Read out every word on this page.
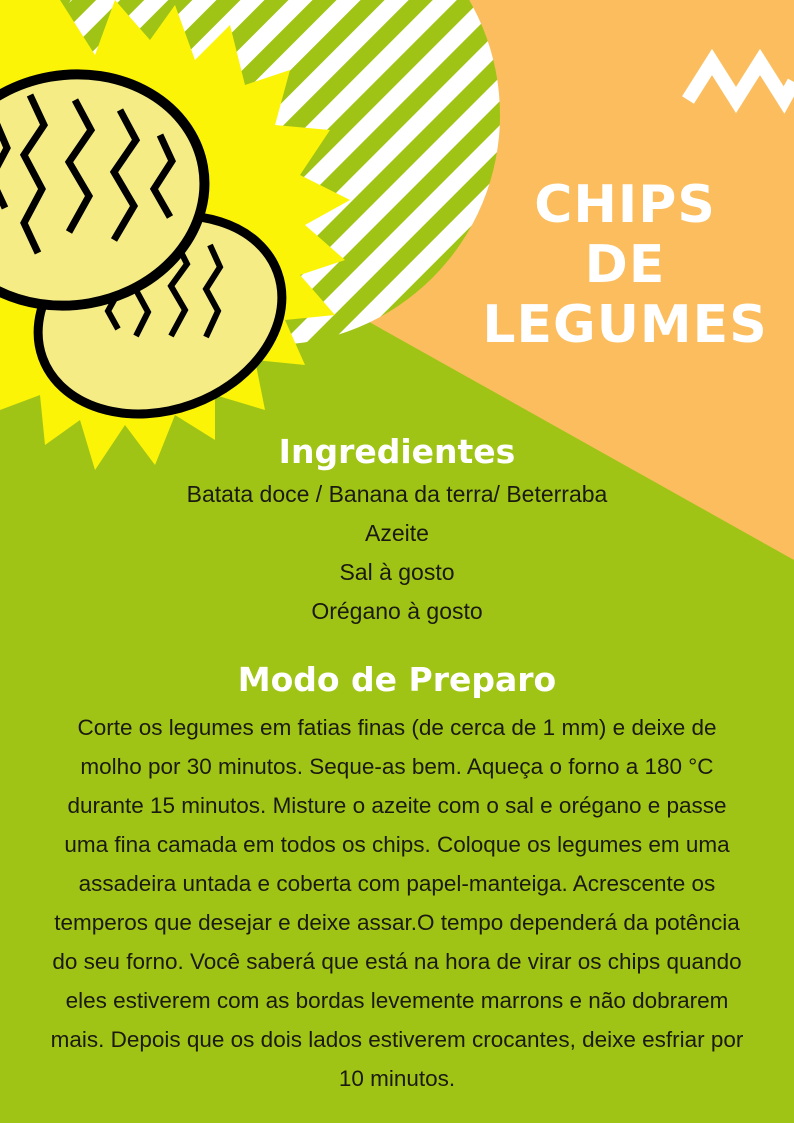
CHIPS
DE
LEGUMES
Ingredientes
Batata doce / Banana da terra/ Beterraba
Azeite
Sal à gosto
Orégano à gosto
Modo de Preparo

Corte os legumes em fatias finas (de cerca de 1 mm) e deixe de molho por 30 minutos. Seque-as bem. Aqueça o forno a 180 °C durante 15 minutos. Misture o azeite com o sal e orégano e passe uma fina camada em todos os chips. Coloque os legumes em uma assadeira untada e coberta com papel-manteiga. Acrescente os temperos que desejar e deixe assar.O tempo dependerá da potência do seu forno. Você saberá que está na hora de virar os chips quando eles estiverem com as bordas levemente marrons e não dobrarem mais. Depois que os dois lados estiverem crocantes, deixe esfriar por 10 minutos.
